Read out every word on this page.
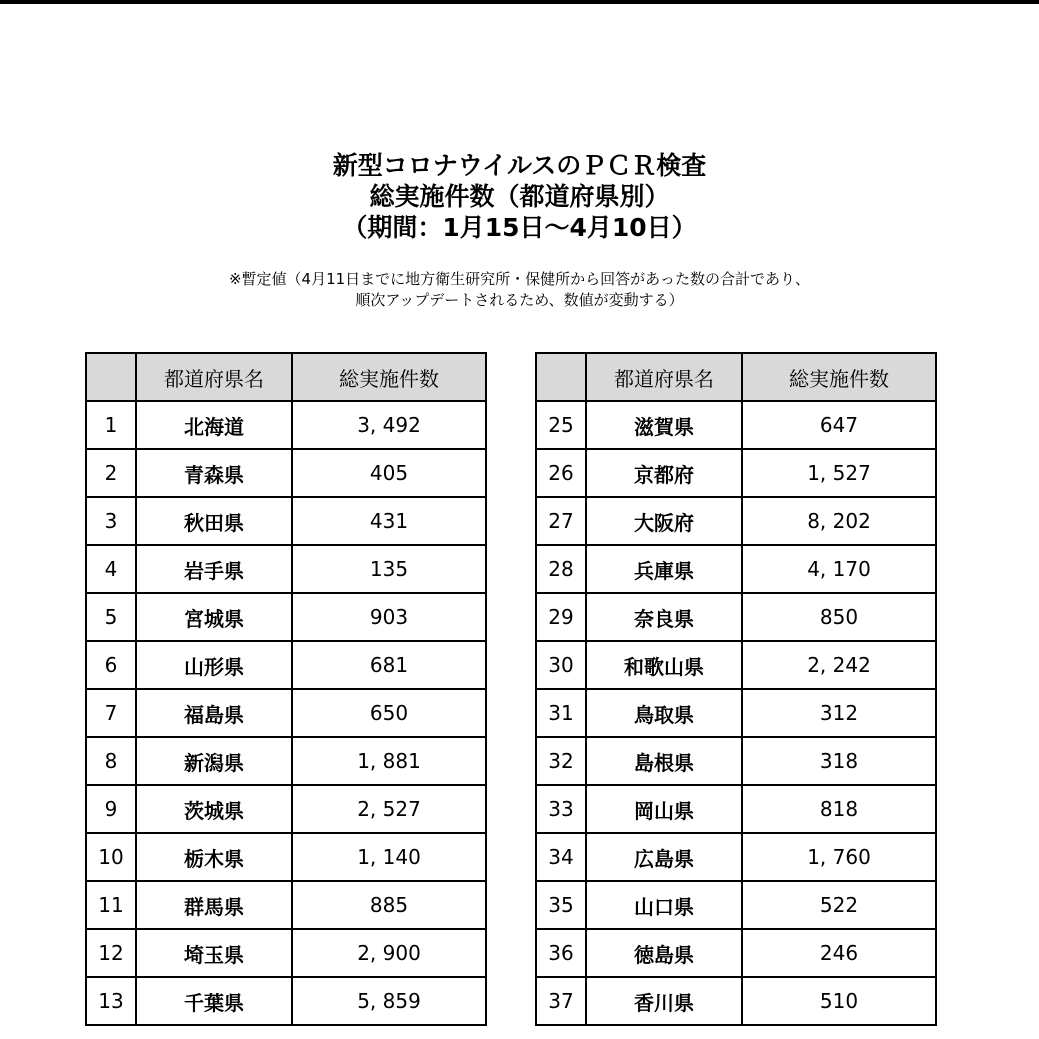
新型コロナウイルスのＰＣＲ検査
総実施件数（都道府県別）
（期間：1月15日～4月10日）
※暫定値（4月11日までに地方衛生研究所・保健所から回答があった数の合計であり、
順次アップデートされるため、数値が変動する）
	都道府県名	総実施件数
1	北海道	3, 492
2	青森県	405
3	秋田県	431
4	岩手県	135
5	宮城県	903
6	山形県	681
7	福島県	650
8	新潟県	1, 881
9	茨城県	2, 527
10	栃木県	1, 140
11	群馬県	885
12	埼玉県	2, 900
13	千葉県	5, 859
	都道府県名	総実施件数
25	滋賀県	647
26	京都府	1, 527
27	大阪府	8, 202
28	兵庫県	4, 170
29	奈良県	850
30	和歌山県	2, 242
31	鳥取県	312
32	島根県	318
33	岡山県	818
34	広島県	1, 760
35	山口県	522
36	徳島県	246
37	香川県	510
